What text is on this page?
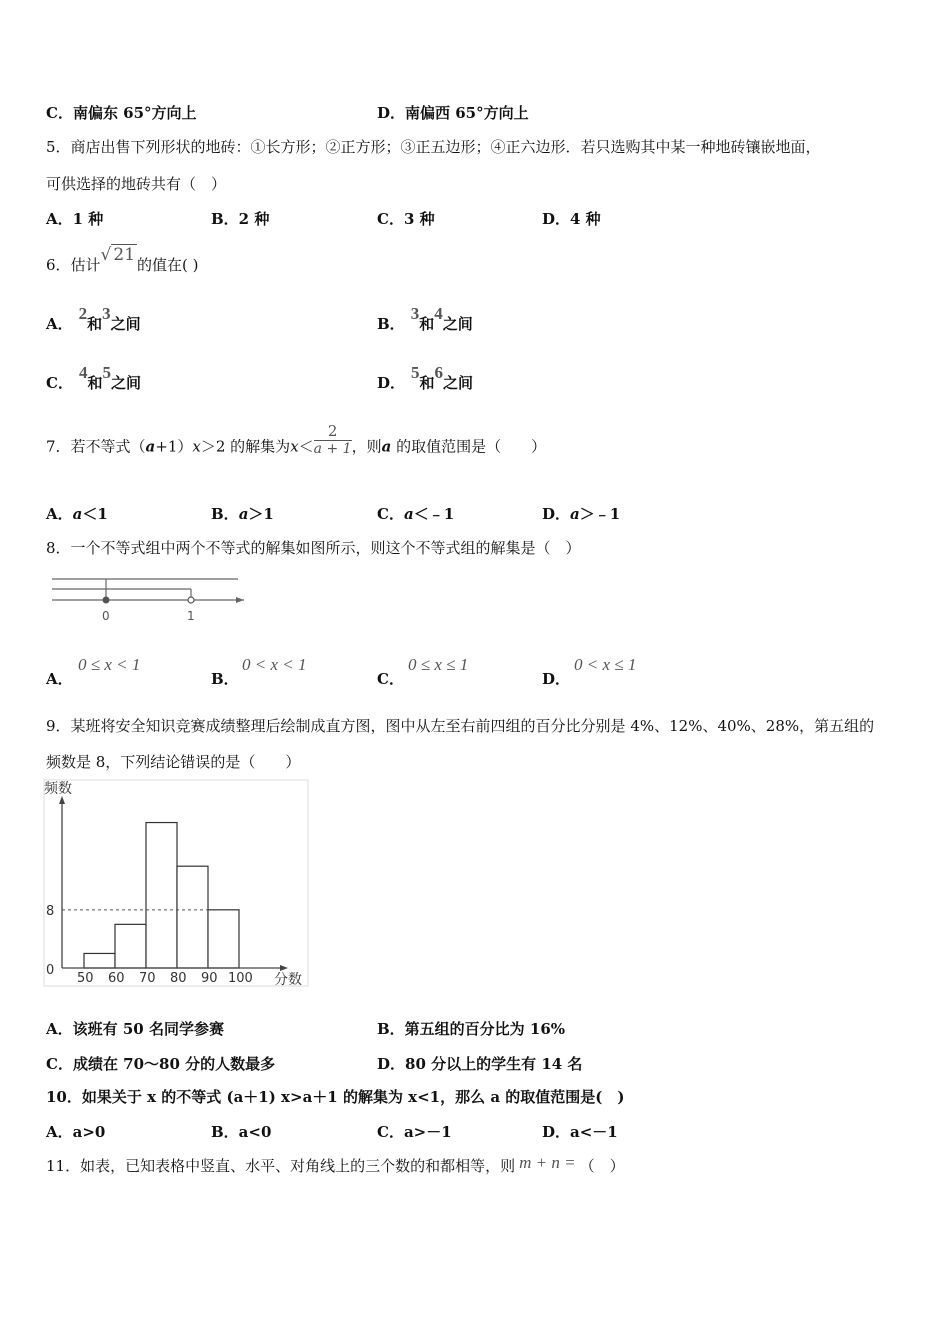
C．南偏东 65°方向上	D．南偏西 65°方向上
5．商店出售下列形状的地砖：①长方形；②正方形；③正五边形；④正六边形．若只选购其中某一种地砖镶嵌地面，
可供选择的地砖共有（　）
A．1 种	B．2 种	C．3 种	D．4 种
6．估计√ 21 的值在( )
A．2和3之间	B．3和4之间
C．4和5之间	D．5和6之间
7．若不等式（a+1）x＞2 的解集为$x< \frac{2}{a + 1}$ ，则a 的取值范围是（　　）
A．a＜1	B．a＞1	C．a＜﹣1	D．a＞﹣1
8．一个不等式组中两个不等式的解集如图所示，则这个不等式组的解集是（　）
0	1
A．
0 ≤ x < 1
B．
0 < x < 1
C．
0 ≤ x ≤ 1
D．
0 < x ≤ 1
9．某班将安全知识竞赛成绩整理后绘制成直方图，图中从左至右前四组的百分比分别是 4%、12%、40%、28%，第五组的
频数是 8，下列结论错误的是（　　）
频数
分数
0
8
50 60 70 80 90 100
A．该班有 50 名同学参赛	B．第五组的百分比为 16%
C．成绩在 70～80 分的人数最多	D．80 分以上的学生有 14 名
10．如果关于 x 的不等式 (a＋1) x>a＋1 的解集为 x<1，那么 a 的取值范围是(　)
A．a>0	B．a<0	C．a>－1	D．a<－1
11．如表，已知表格中竖直、水平、对角线上的三个数的和都相等，则 m + n = （　）
